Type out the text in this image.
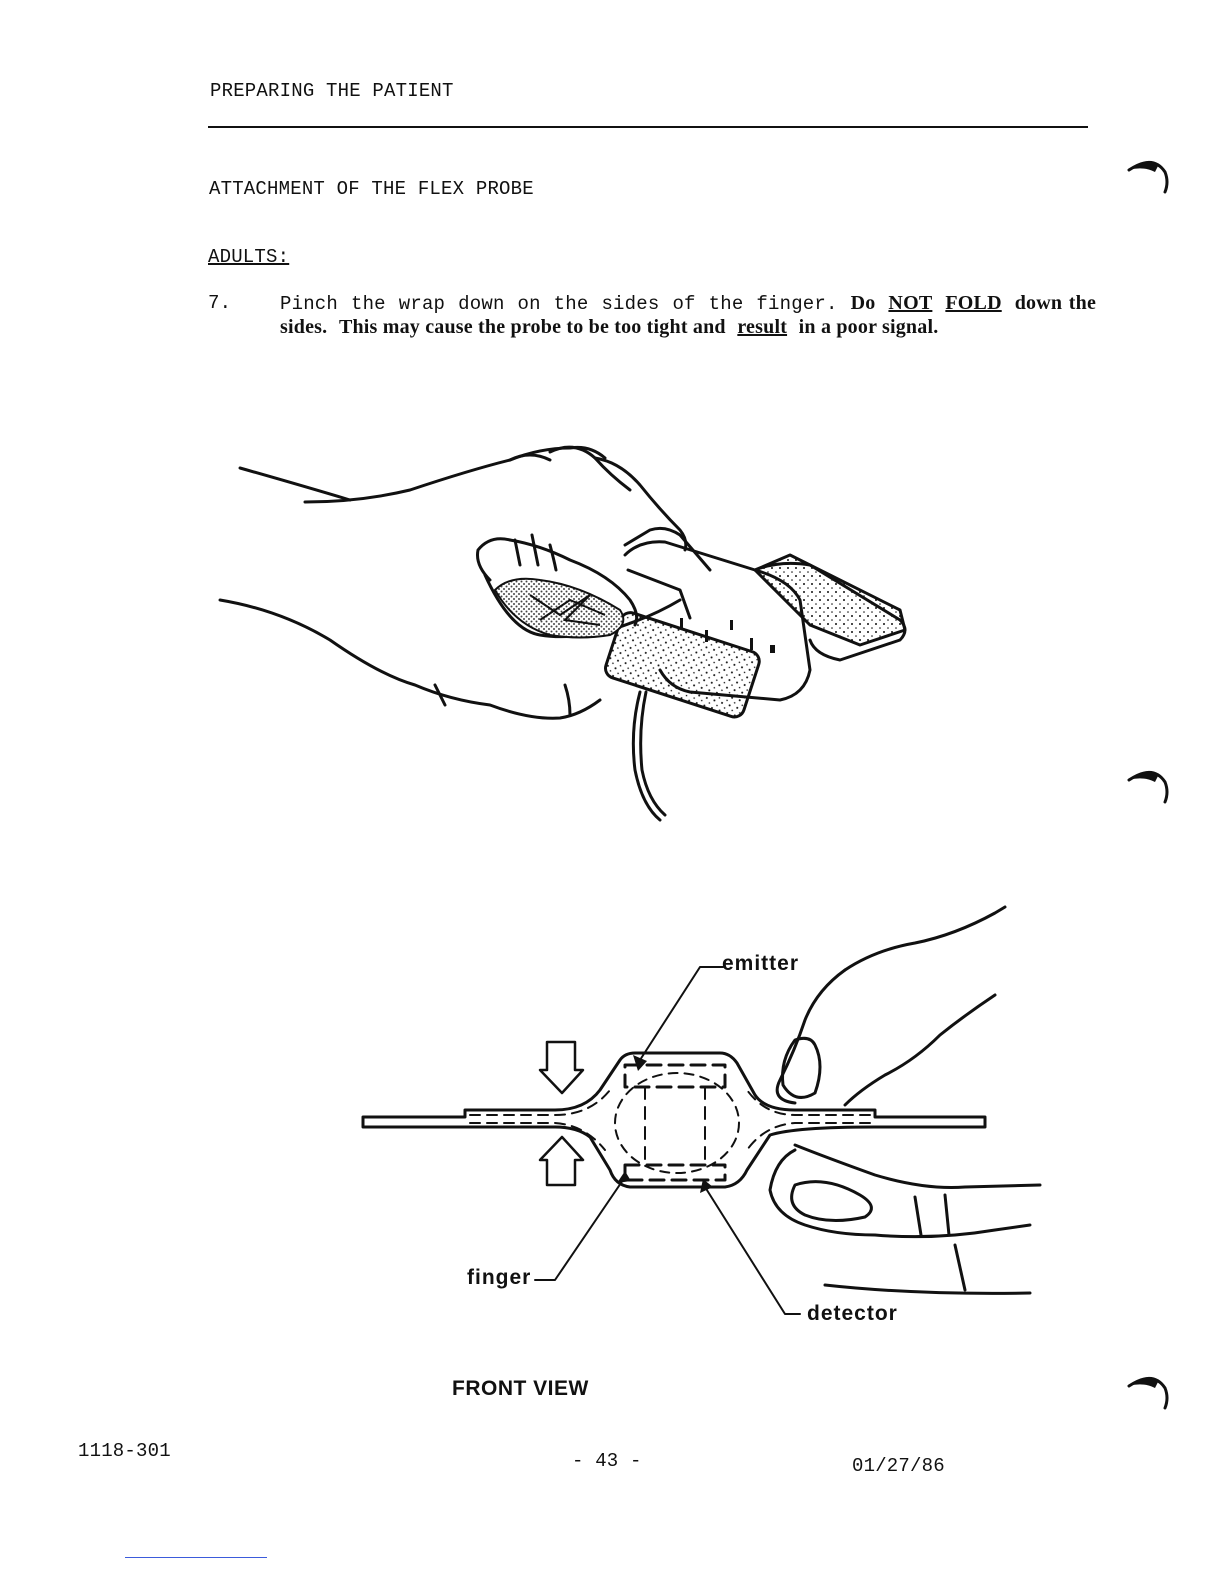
PREPARING THE PATIENT
ATTACHMENT OF THE FLEX PROBE
ADULTS:
7.	Pinch the wrap down on the sides of the finger. Do NOT FOLD down the sides. This may cause the probe to be too tight and result in a poor signal.
emitter
finger
detector
FRONT VIEW
1118-301	- 43 -	01/27/86
